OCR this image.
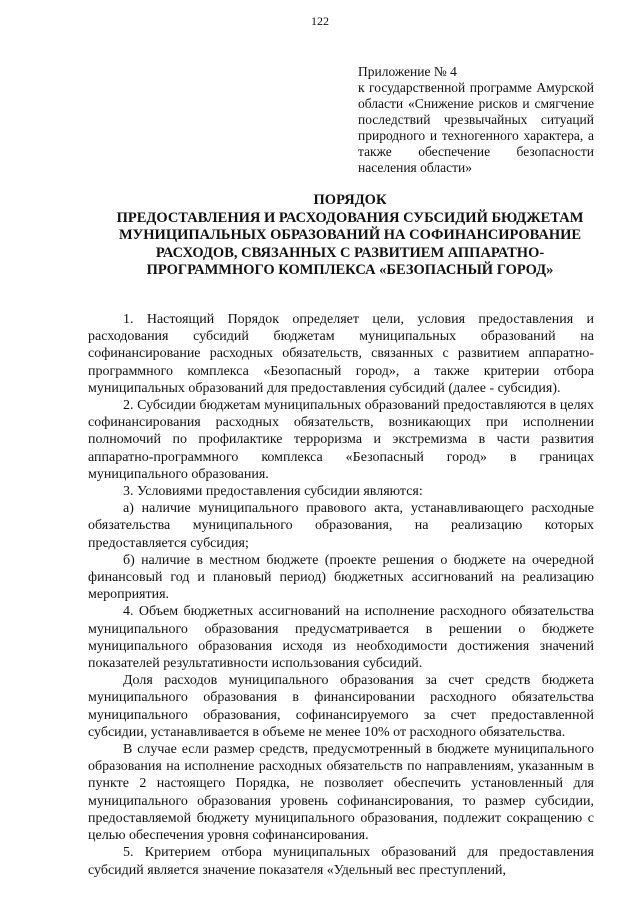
122
Приложение № 4
к государственной программе Амурской области «Снижение рисков и смягчение последствий чрезвычайных ситуаций природного и техногенного характера, а также обеспечение безопасности населения области»
ПОРЯДОК
ПРЕДОСТАВЛЕНИЯ И РАСХОДОВАНИЯ СУБСИДИЙ БЮДЖЕТАМ МУНИЦИПАЛЬНЫХ ОБРАЗОВАНИЙ НА СОФИНАНСИРОВАНИЕ РАСХОДОВ, СВЯЗАННЫХ С РАЗВИТИЕМ АППАРАТНО-ПРОГРАММНОГО КОМПЛЕКСА «БЕЗОПАСНЫЙ ГОРОД»

1. Настоящий Порядок определяет цели, условия предоставления и расходования субсидий бюджетам муниципальных образований на софинансирование расходных обязательств, связанных с развитием аппаратно-программного комплекса «Безопасный город», а также критерии отбора муниципальных образований для предоставления субсидий (далее - субсидия).

2. Субсидии бюджетам муниципальных образований предоставляются в целях софинансирования расходных обязательств, возникающих при исполнении полномочий по профилактике терроризма и экстремизма в части развития аппаратно-программного комплекса «Безопасный город» в границах муниципального образования.

3. Условиями предоставления субсидии являются:

а) наличие муниципального правового акта, устанавливающего расходные обязательства муниципального образования, на реализацию которых предоставляется субсидия;

б) наличие в местном бюджете (проекте решения о бюджете на очередной финансовый год и плановый период) бюджетных ассигнований на реализацию мероприятия.

4. Объем бюджетных ассигнований на исполнение расходного обязательства муниципального образования предусматривается в решении о бюджете муниципального образования исходя из необходимости достижения значений показателей результативности использования субсидий.

Доля расходов муниципального образования за счет средств бюджета муниципального образования в финансировании расходного обязательства муниципального образования, софинансируемого за счет предоставленной субсидии, устанавливается в объеме не менее 10% от расходного обязательства.

В случае если размер средств, предусмотренный в бюджете муниципального образования на исполнение расходных обязательств по направлениям, указанным в пункте 2 настоящего Порядка, не позволяет обеспечить установленный для муниципального образования уровень софинансирования, то размер субсидии, предоставляемой бюджету муниципального образования, подлежит сокращению с целью обеспечения уровня софинансирования.

5. Критерием отбора муниципальных образований для предоставления субсидий является значение показателя «Удельный вес преступлений,
